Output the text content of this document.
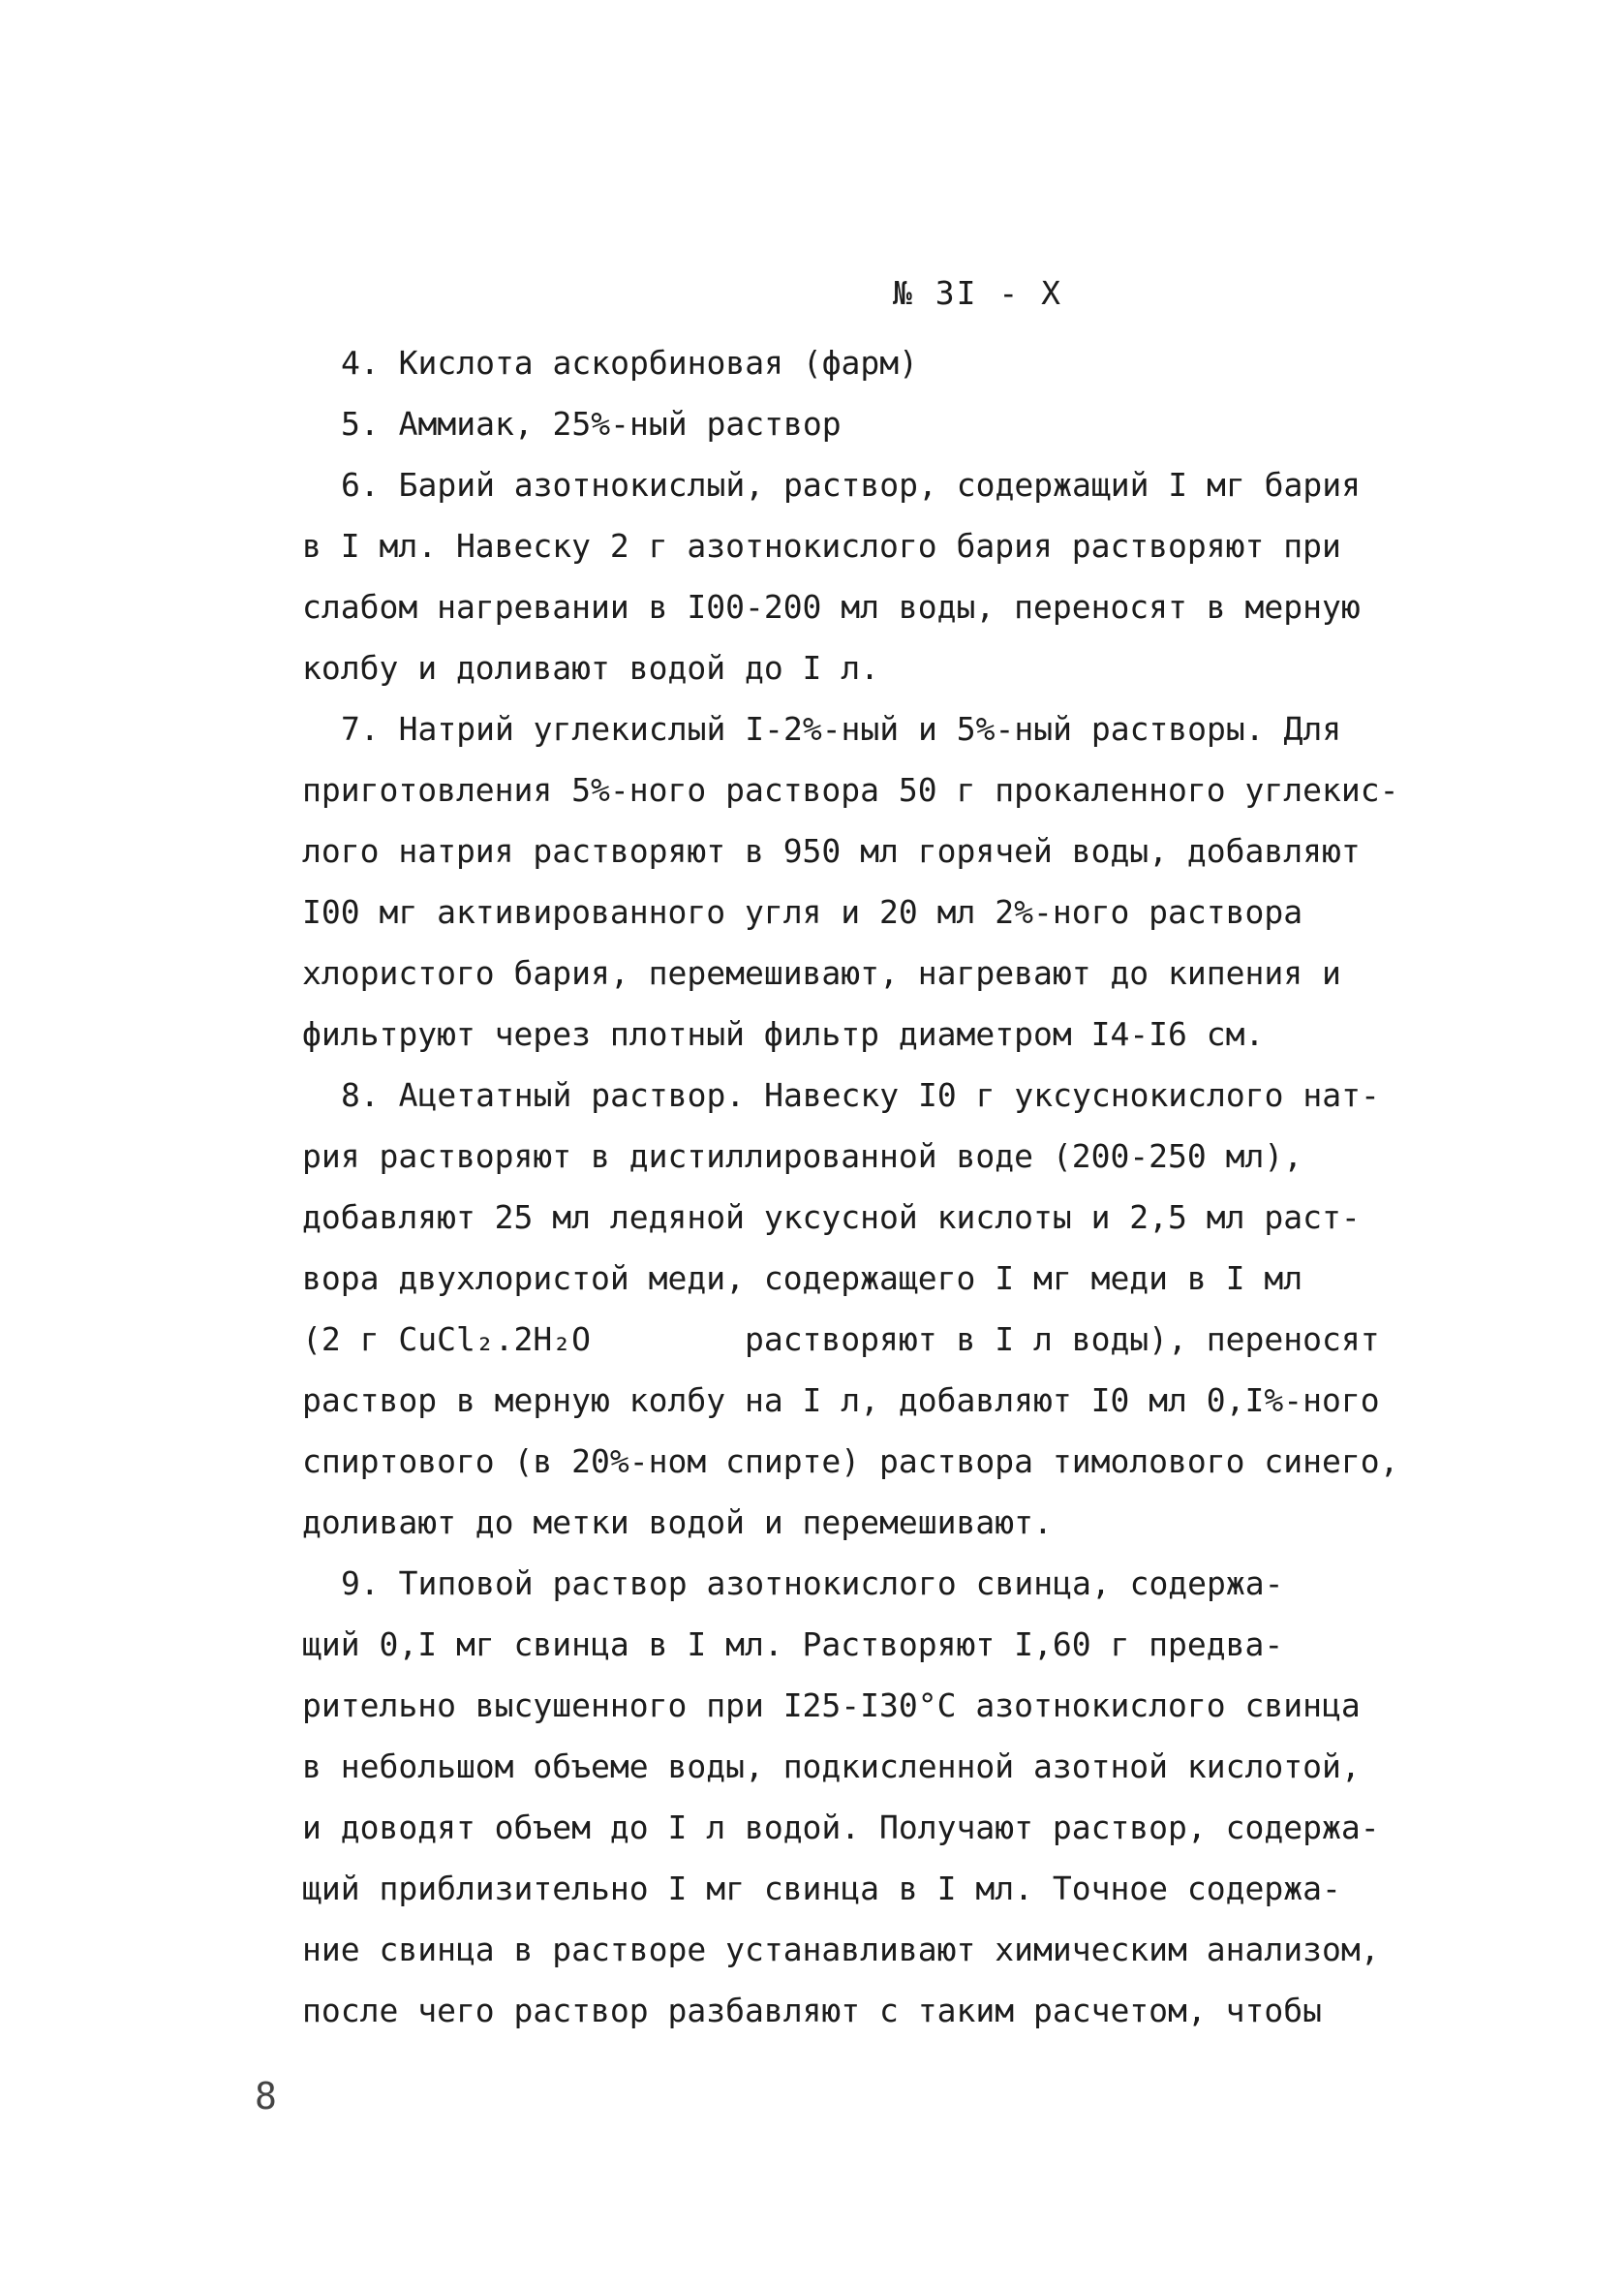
№ 3I - X
4. Кислота аскорбиновая (фарм)
5. Аммиак, 25%-ный раствор
6. Барий азотнокислый, раствор, содержащий I мг бария
в I мл. Навеску 2 г азотнокислого бария растворяют при
слабом нагревании в I00-200 мл воды, переносят в мерную
колбу и доливают водой до I л.
7. Натрий углекислый I-2%-ный и 5%-ный растворы. Для
приготовления 5%-ного раствора 50 г прокаленного углекис-
лого натрия растворяют в 950 мл горячей воды, добавляют
I00 мг активированного угля и 20 мл 2%-ного раствора
хлористого бария, перемешивают, нагревают до кипения и
фильтруют через плотный фильтр диаметром I4-I6 см.
8. Ацетатный раствор. Навеску I0 г уксуснокислого нат-
рия растворяют в дистиллированной воде (200-250 мл),
добавляют 25 мл ледяной уксусной кислоты и 2,5 мл раст-
вора двухлористой меди, содержащего I мг меди в I мл
(2 г CuCl₂.2H₂O        растворяют в I л воды), переносят
раствор в мерную колбу на I л, добавляют I0 мл 0,I%-ного
спиртового (в 20%-ном спирте) раствора тимолового синего,
доливают до метки водой и перемешивают.
9. Типовой раствор азотнокислого свинца, содержа-
щий 0,I мг свинца в I мл. Растворяют I,60 г предва-
рительно высушенного при I25-I30°С азотнокислого свинца
в небольшом объеме воды, подкисленной азотной кислотой,
и доводят объем до I л водой. Получают раствор, содержа-
щий приблизительно I мг свинца в I мл. Точное содержа-
ние свинца в растворе устанавливают химическим анализом,
после чего раствор разбавляют с таким расчетом, чтобы
8
